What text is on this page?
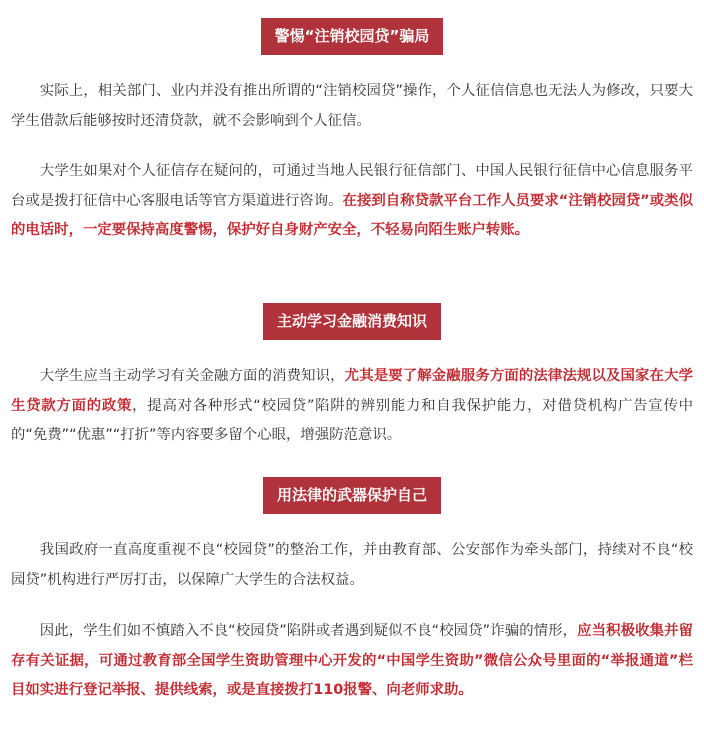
警惕“注销校园贷”骗局

实际上，相关部门、业内并没有推出所谓的“注销校园贷”操作，个人征信信息也无法人为修改，只要大学生借款后能够按时还清贷款，就不会影响到个人征信。

大学生如果对个人征信存在疑问的，可通过当地人民银行征信部门、中国人民银行征信中心信息服务平台或是拨打征信中心客服电话等官方渠道进行咨询。在接到自称贷款平台工作人员要求“注销校园贷”或类似的电话时，一定要保持高度警惕，保护好自身财产安全，不轻易向陌生账户转账。

主动学习金融消费知识

大学生应当主动学习有关金融方面的消费知识，尤其是要了解金融服务方面的法律法规以及国家在大学生贷款方面的政策，提高对各种形式“校园贷”陷阱的辨别能力和自我保护能力，对借贷机构广告宣传中的“免费”“优惠”“打折”等内容要多留个心眼，增强防范意识。

用法律的武器保护自己

我国政府一直高度重视不良“校园贷”的整治工作，并由教育部、公安部作为牵头部门，持续对不良“校园贷”机构进行严厉打击，以保障广大学生的合法权益。

因此，学生们如不慎踏入不良“校园贷”陷阱或者遇到疑似不良“校园贷”诈骗的情形，应当积极收集并留存有关证据，可通过教育部全国学生资助管理中心开发的“中国学生资助”微信公众号里面的“举报通道”栏目如实进行登记举报、提供线索，或是直接拨打110报警、向老师求助。
